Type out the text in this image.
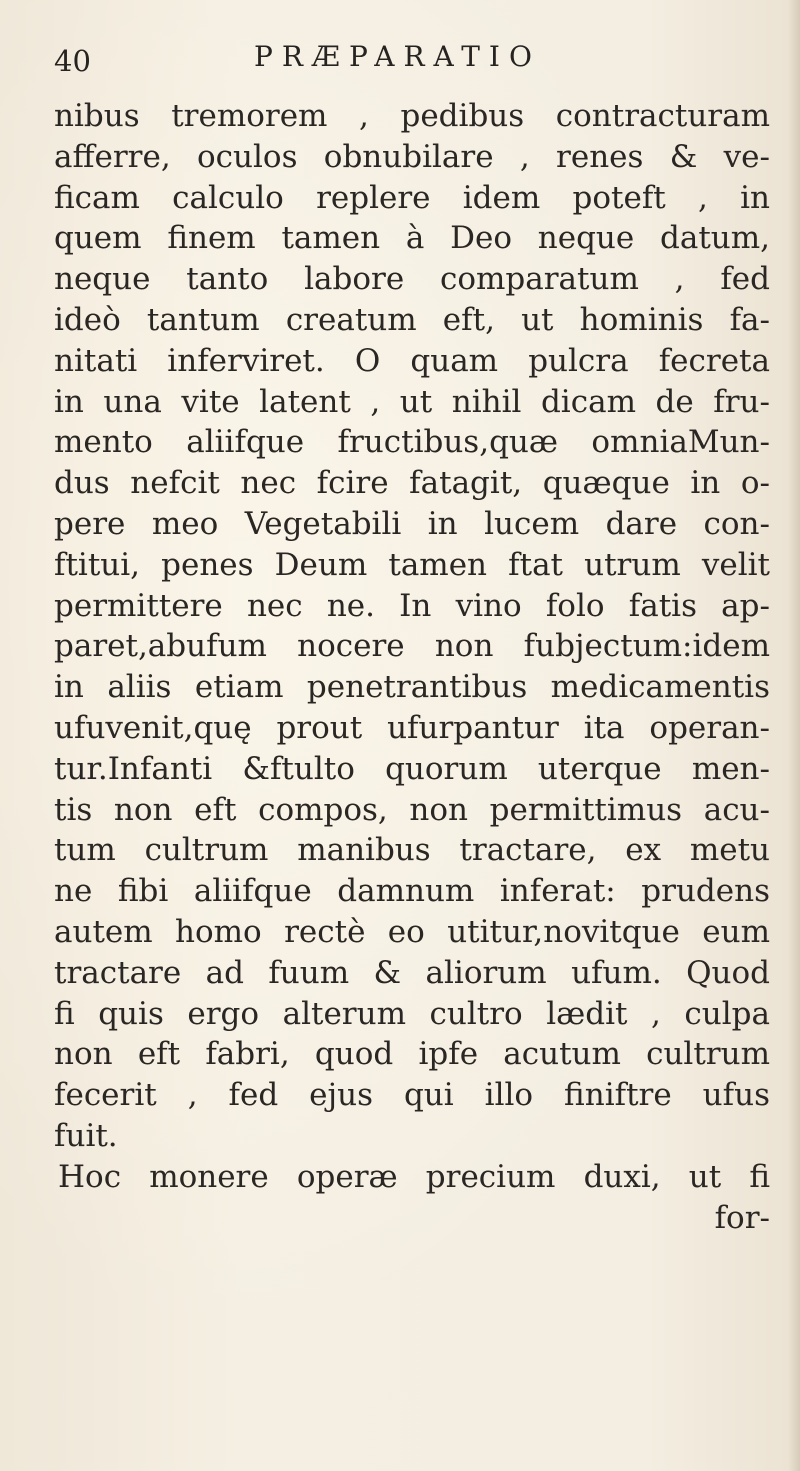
40	PRÆPARATIO
nibus tremorem , pedibus contracturam
afferre, oculos obnubilare , renes & ve-
ficam calculo replere idem poteft , in
quem finem tamen à Deo neque datum,
neque tanto labore comparatum , fed
ideò tantum creatum eft, ut hominis fa-
nitati inferviret. O quam pulcra fecreta
in una vite latent , ut nihil dicam de fru-
mento aliifque fructibus,quæ omniaMun-
dus nefcit nec fcire fatagit, quæque in o-
pere meo Vegetabili in lucem dare con-
ftitui, penes Deum tamen ftat utrum velit
permittere nec ne. In vino folo fatis ap-
paret,abufum nocere non fubjectum:idem
in aliis etiam penetrantibus medicamentis
ufuvenit,quę prout ufurpantur ita operan-
tur.Infanti &ftulto quorum uterque men-
tis non eft compos, non permittimus acu-
tum cultrum manibus tractare, ex metu
ne fibi aliifque damnum inferat: prudens
autem homo rectè eo utitur,novitque eum
tractare ad fuum & aliorum ufum. Quod
fi quis ergo alterum cultro lædit , culpa
non eft fabri, quod ipfe acutum cultrum
fecerit , fed ejus qui illo finiftre ufus
fuit.
Hoc monere operæ precium duxi, ut fi
for-
